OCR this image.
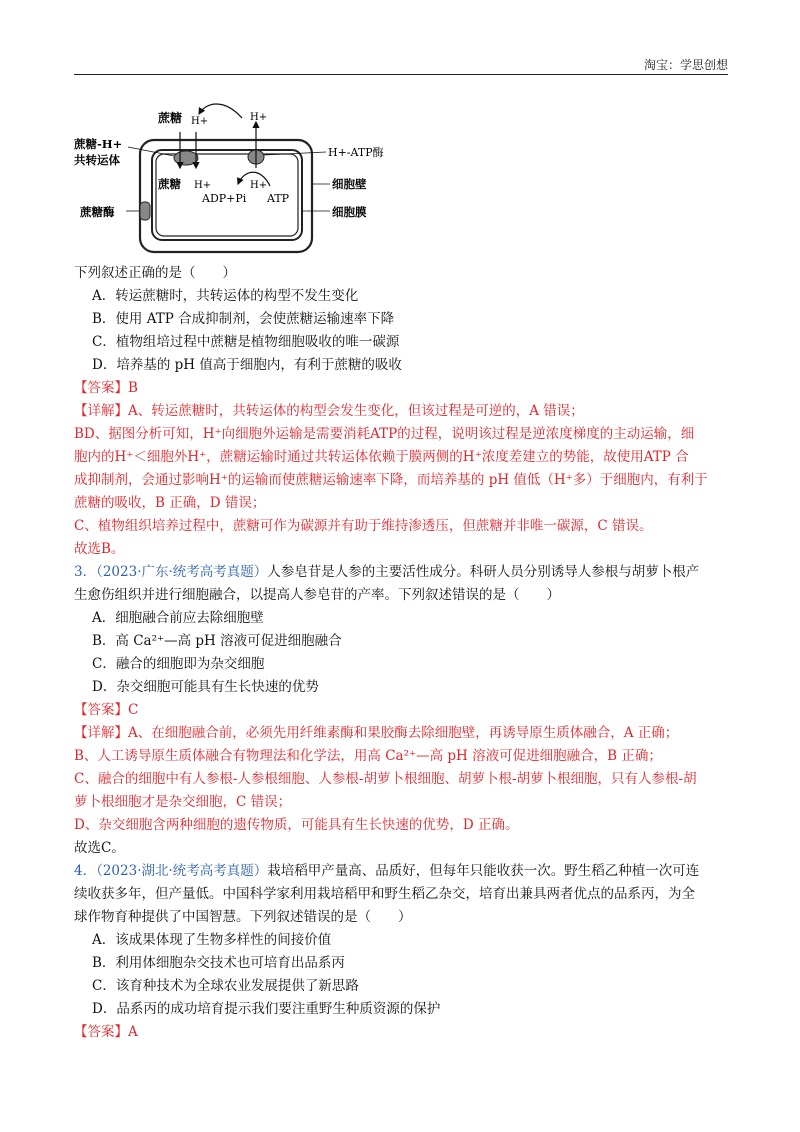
淘宝：学思创想
蔗糖 H+	H+
蔗糖-H+
共转运体
H+-ATP酶
蔗糖 H+	H+
ADP+Pi ATP
细胞壁
蔗糖酶	细胞膜
下列叙述正确的是（　　）
A．转运蔗糖时，共转运体的构型不发生变化
B．使用 ATP 合成抑制剂，会使蔗糖运输速率下降
C．植物组培过程中蔗糖是植物细胞吸收的唯一碳源
D．培养基的 pH 值高于细胞内，有利于蔗糖的吸收
【答案】B
【详解】A、转运蔗糖时，共转运体的构型会发生变化，但该过程是可逆的，A 错误；
BD、据图分析可知，H⁺向细胞外运输是需要消耗ATP的过程，说明该过程是逆浓度梯度的主动运输，细
胞内的H⁺＜细胞外H⁺，蔗糖运输时通过共转运体依赖于膜两侧的H⁺浓度差建立的势能，故使用ATP 合
成抑制剂，会通过影响H⁺的运输而使蔗糖运输速率下降，而培养基的 pH 值低（H⁺多）于细胞内，有利于
蔗糖的吸收，B 正确，D 错误；
C、植物组织培养过程中，蔗糖可作为碳源并有助于维持渗透压，但蔗糖并非唯一碳源，C 错误。
故选B。
3．（2023·广东·统考高考真题）人参皂苷是人参的主要活性成分。科研人员分别诱导人参根与胡萝卜根产
生愈伤组织并进行细胞融合，以提高人参皂苷的产率。下列叙述错误的是（　　）
A．细胞融合前应去除细胞壁
B．高 Ca²⁺—高 pH 溶液可促进细胞融合
C．融合的细胞即为杂交细胞
D．杂交细胞可能具有生长快速的优势
【答案】C
【详解】A、在细胞融合前，必须先用纤维素酶和果胶酶去除细胞壁，再诱导原生质体融合，A 正确；
B、人工诱导原生质体融合有物理法和化学法，用高 Ca²⁺—高 pH 溶液可促进细胞融合，B 正确；
C、融合的细胞中有人参根-人参根细胞、人参根-胡萝卜根细胞、胡萝卜根-胡萝卜根细胞，只有人参根-胡
萝卜根细胞才是杂交细胞，C 错误；
D、杂交细胞含两种细胞的遗传物质，可能具有生长快速的优势，D 正确。
故选C。
4．（2023·湖北·统考高考真题）栽培稻甲产量高、品质好，但每年只能收获一次。野生稻乙种植一次可连
续收获多年，但产量低。中国科学家利用栽培稻甲和野生稻乙杂交，培育出兼具两者优点的品系丙，为全
球作物育种提供了中国智慧。下列叙述错误的是（　　）
A．该成果体现了生物多样性的间接价值
B．利用体细胞杂交技术也可培育出品系丙
C．该育种技术为全球农业发展提供了新思路
D．品系丙的成功培育提示我们要注重野生种质资源的保护
【答案】A
